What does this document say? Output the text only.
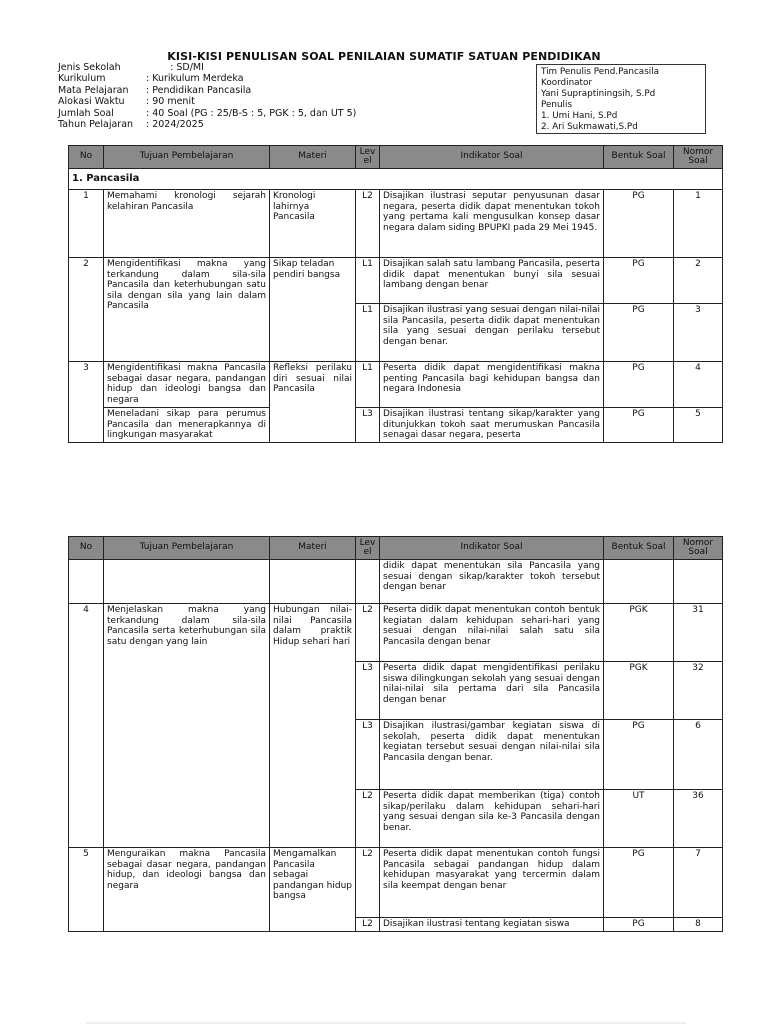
KISI-KISI PENULISAN SOAL PENILAIAN SUMATIF SATUAN PENDIDIKAN
Jenis Sekolah	: SD/MI
Kurikulum	: Kurikulum Merdeka
Mata Pelajaran	: Pendidikan Pancasila
Alokasi Waktu	: 90 menit
Jumlah Soal	: 40 Soal (PG : 25/B-S : 5, PGK : 5, dan UT 5)
Tahun Pelajaran	: 2024/2025
Tim Penulis Pend.Pancasila
Koordinator
Yani Supraptiningsih, S.Pd
Penulis
1. Umi Hani, S.Pd
2. Ari Sukmawati,S.Pd
No	Tujuan Pembelajaran	Materi	Lev el	Indikator Soal	Bentuk Soal	Nomor Soal
1. Pancasila						
1	Memahami kronologi sejarah kelahiran Pancasila	Kronologi lahirnya Pancasila	L2	Disajikan ilustrasi seputar penyusunan dasar negara, peserta didik dapat menentukan tokoh yang pertama kali mengusulkan konsep dasar negara dalam siding BPUPKI pada 29 Mei 1945.	PG	1
2	Mengidentifikasi makna yang terkandung dalam sila-sila Pancasila dan keterhubungan satu sila dengan sila yang lain dalam Pancasila	Sikap teladan pendiri bangsa	L1	Disajikan salah satu lambang Pancasila, peserta didik dapat menentukan bunyi sila sesuai lambang dengan benar	PG	2
			L1	Disajikan ilustrasi yang sesuai dengan nilai-nilai sila Pancasila, peserta didik dapat menentukan sila yang sesuai dengan perilaku tersebut dengan benar.	PG	3
3	Mengidentifikasi makna Pancasila sebagai dasar negara, pandangan hidup dan ideologi bangsa dan negara	Refleksi perilaku diri sesuai nilai Pancasila	L1	Peserta didik dapat mengidentifikasi makna penting Pancasila bagi kehidupan bangsa dan negara Indonesia	PG	4
	Meneladani sikap para perumus Pancasila dan menerapkannya di lingkungan masyarakat		L3	Disajikan ilustrasi tentang sikap/karakter yang ditunjukkan tokoh saat merumuskan Pancasila senagai dasar negara, peserta	PG	5
No	Tujuan Pembelajaran	Materi	Lev el	Indikator Soal	Bentuk Soal	Nomor Soal
				didik dapat menentukan sila Pancasila yang sesuai dengan sikap/karakter tokoh tersebut dengan benar		
4	Menjelaskan makna yang terkandung dalam sila-sila Pancasila serta keterhubungan sila satu dengan yang lain	Hubungan nilai-nilai Pancasila dalam praktik Hidup sehari hari	L2	Peserta didik dapat menentukan contoh bentuk kegiatan dalam kehidupan sehari-hari yang sesuai dengan nilai-nilai salah satu sila Pancasila dengan benar	PGK	31
			L3	Peserta didik dapat mengidentifikasi perilaku siswa dilingkungan sekolah yang sesuai dengan nilai-nilai sila pertama dari sila Pancasila dengan benar	PGK	32
			L3	Disajikan ilustrasi/gambar kegiatan siswa di sekolah, peserta didik dapat menentukan kegiatan tersebut sesuai dengan nilai-nilai sila Pancasila dengan benar.	PG	6
			L2	Peserta didik dapat memberikan (tiga) contoh sikap/perilaku dalam kehidupan sehari-hari yang sesuai dengan sila ke-3 Pancasila dengan benar.	UT	36
5	Menguraikan makna Pancasila sebagai dasar negara, pandangan hidup, dan ideologi bangsa dan negara	Mengamalkan Pancasila sebagai pandangan hidup bangsa	L2	Peserta didik dapat menentukan contoh fungsi Pancasila sebagai pandangan hidup dalam kehidupan masyarakat yang tercermin dalam sila keempat dengan benar	PG	7
			L2	Disajikan ilustrasi tentang kegiatan siswa	PG	8
